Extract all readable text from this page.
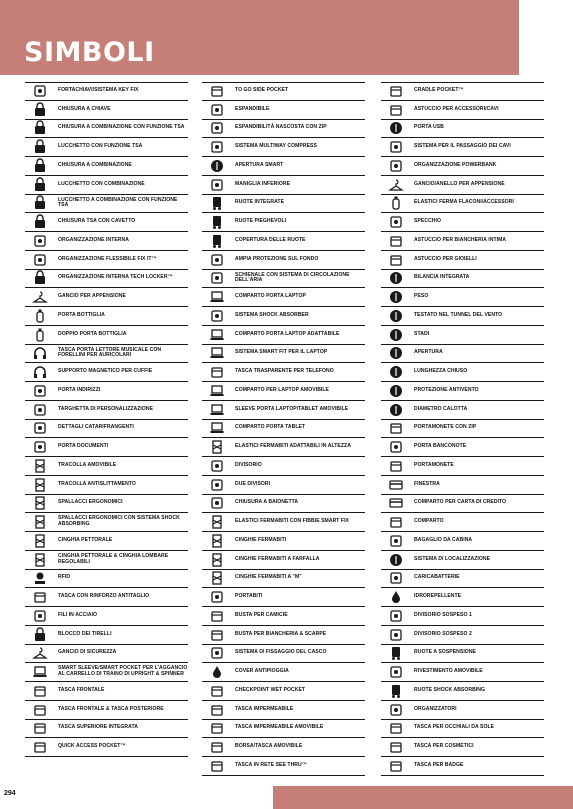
SIMBOLI
FORTACHIAVI/SISTEMA KEY FIX
CHIUSURA A CHIAVE
CHIUSURA A COMBINAZIONE CON FUNZIONE TSA
LUCCHETTO CON FUNZIONE TSA
CHIUSURA A COMBINAZIONE
LUCCHETTO CON COMBINAZIONE
LUCCHETTO A COMBINAZIONE CON FUNZIONE TSA
CHIUSURA TSA CON CAVETTO
ORGANIZZAZIONE INTERNA
ORGANIZZAZIONE FLESSIBILE FIX IT™
ORGANIZZAZIONE INTERNA TECH LOCKER™
GANCIO PER APPENSIONE
PORTA BOTTIGLIA
DOPPIO PORTA BOTTIGLIA
TASCA PORTA LETTORE MUSICALE CON FORELLINI PER AURICOLARI
SUPPORTO MAGNETICO PER CUFFIE
PORTA INDIRIZZI
TARGHETTA DI PERSONALIZZAZIONE
DETTAGLI CATARIFRANGENTI
PORTA DOCUMENTI
TRACOLLA AMOVIBILE
TRACOLLA ANTISLITTAMENTO
SPALLACCI ERGONOMICI
SPALLACCI ERGONOMICI CON SISTEMA SHOCK ABSORBING
CINGHIA PETTORALE
CINGHIA PETTORALE & CINGHIA LOMBARE REGOLABILI
RFID
TASCA CON RINFORZO ANTITAGLIO
FILI IN ACCIAIO
BLOCCO DEI TIRELLI
GANCIO DI SICUREZZA
SMART SLEEVE/SMART POCKET PER L'AGGANCIO AL CARRELLO DI TRAINO DI UPRIGHT & SPINNER
TASCA FRONTALE
TASCA FRONTALE & TASCA POSTERIORE
TASCA SUPERIORE INTEGRATA
QUICK ACCESS POCKET™
TO GO SIDE POCKET
ESPANDIBILE
ESPANDIBILITÀ NASCOSTA CON ZIP
SISTEMA MULTIWAY COMPRESS
APERTURA SMART
MANIGLIA INFERIORE
RUOTE INTEGRATE
RUOTE PIEGHEVOLI
COPERTURA DELLE RUOTE
AMPIA PROTEZIONE SUL FONDO
SCHIENALE CON SISTEMA DI CIRCOLAZIONE DELL'ARIA
COMPARTO PORTA LAPTOP
SISTEMA SHOCK ABSORBER
COMPARTO PORTA LAPTOP ADATTABILE
SISTEMA SMART FIT PER IL LAPTOP
TASCA TRASPARENTE PER TELEFONO
COMPARTO PER LAPTOP AMOVIBILE
SLEEVE PORTA LAPTOP/TABLET AMOVIBILE
COMPARTO PORTA TABLET
ELASTICI FERMABITI ADATTABILI IN ALTEZZA
DIVISORIO
DUE DIVISORI
CHIUSURA A BAIONETTA
ELASTICI FERMABITI CON FIBBIE SMART FIX
CINGHIE FERMABITI
CINGHIE FERMABITI A FARFALLA
CINGHIE FERMABITI A "M"
PORTABITI
BUSTA PER CAMICIE
BUSTA PER BIANCHERIA & SCARPE
SISTEMA DI FISSAGGIO DEL CASCO
COVER ANTIPIOGGIA
CHECKPOINT WET POCKET
TASCA IMPERMEABILE
TASCA IMPERMEABILE AMOVIBILE
BORSA/TASCA AMOVIBILE
TASCA IN RETE SEE THRU™
CRADLE POCKET™
ASTUCCIO PER ACCESSORI/CAVI
PORTA USB
SISTEMA PER IL PASSAGGIO DEI CAVI
ORGANIZZAZIONE POWERBANK
GANCIO/ANELLO PER APPENSIONE
ELASTICI FERMA FLACONI/ACCESSORI
SPECCHIO
ASTUCCIO PER BIANCHERIA INTIMA
ASTUCCIO PER GIOIELLI
BILANCIA INTEGRATA
PESO
TESTATO NEL TUNNEL DEL VENTO
STADI
APERTURA
LUNGHEZZA CHIUSO
PROTEZIONE ANTIVENTO
DIAMETRO CALOTTA
PORTAMONETE CON ZIP
PORTA BANCONOTE
PORTAMONETE
FINESTRA
COMPARTO PER CARTA DI CREDITO
COMPARTO
BAGAGLIO DA CABINA
SISTEMA DI LOCALIZZAZIONE
CARICABATTERIE
IDROREPELLENTE
DIVISORIO SOSPESO 1
DIVISORIO SOSPESO 2
RUOTE A SOSPENSIONE
RIVESTIMENTO AMOVIBILE
RUOTE SHOCK ABSORBING
ORGANIZZATORI
TASCA PER OCCHIALI DA SOLE
TASCA PER COSMETICI
TASCA PER BADGE
294
